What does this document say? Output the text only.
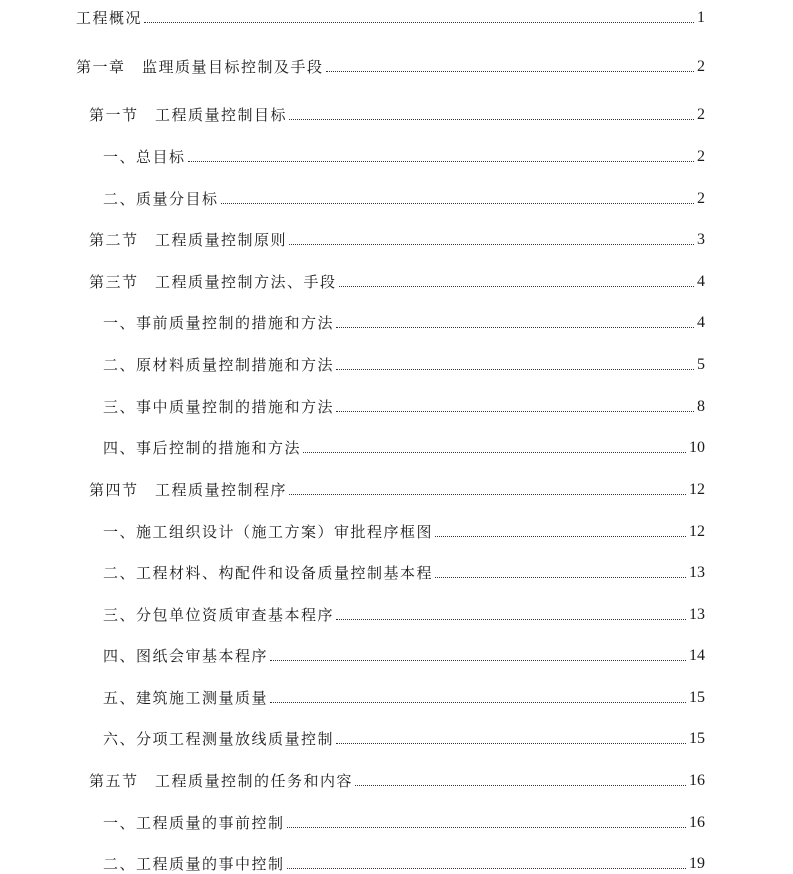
工程概况	1
第一章　监理质量目标控制及手段	2
第一节　工程质量控制目标	2
一、总目标	2
二、质量分目标	2
第二节　工程质量控制原则	3
第三节　工程质量控制方法、手段	4
一、事前质量控制的措施和方法	4
二、原材料质量控制措施和方法	5
三、事中质量控制的措施和方法	8
四、事后控制的措施和方法	10
第四节　工程质量控制程序	12
一、施工组织设计（施工方案）审批程序框图	12
二、工程材料、构配件和设备质量控制基本程	13
三、分包单位资质审查基本程序	13
四、图纸会审基本程序	14
五、建筑施工测量质量	15
六、分项工程测量放线质量控制	15
第五节　工程质量控制的任务和内容	16
一、工程质量的事前控制	16
二、工程质量的事中控制	19
